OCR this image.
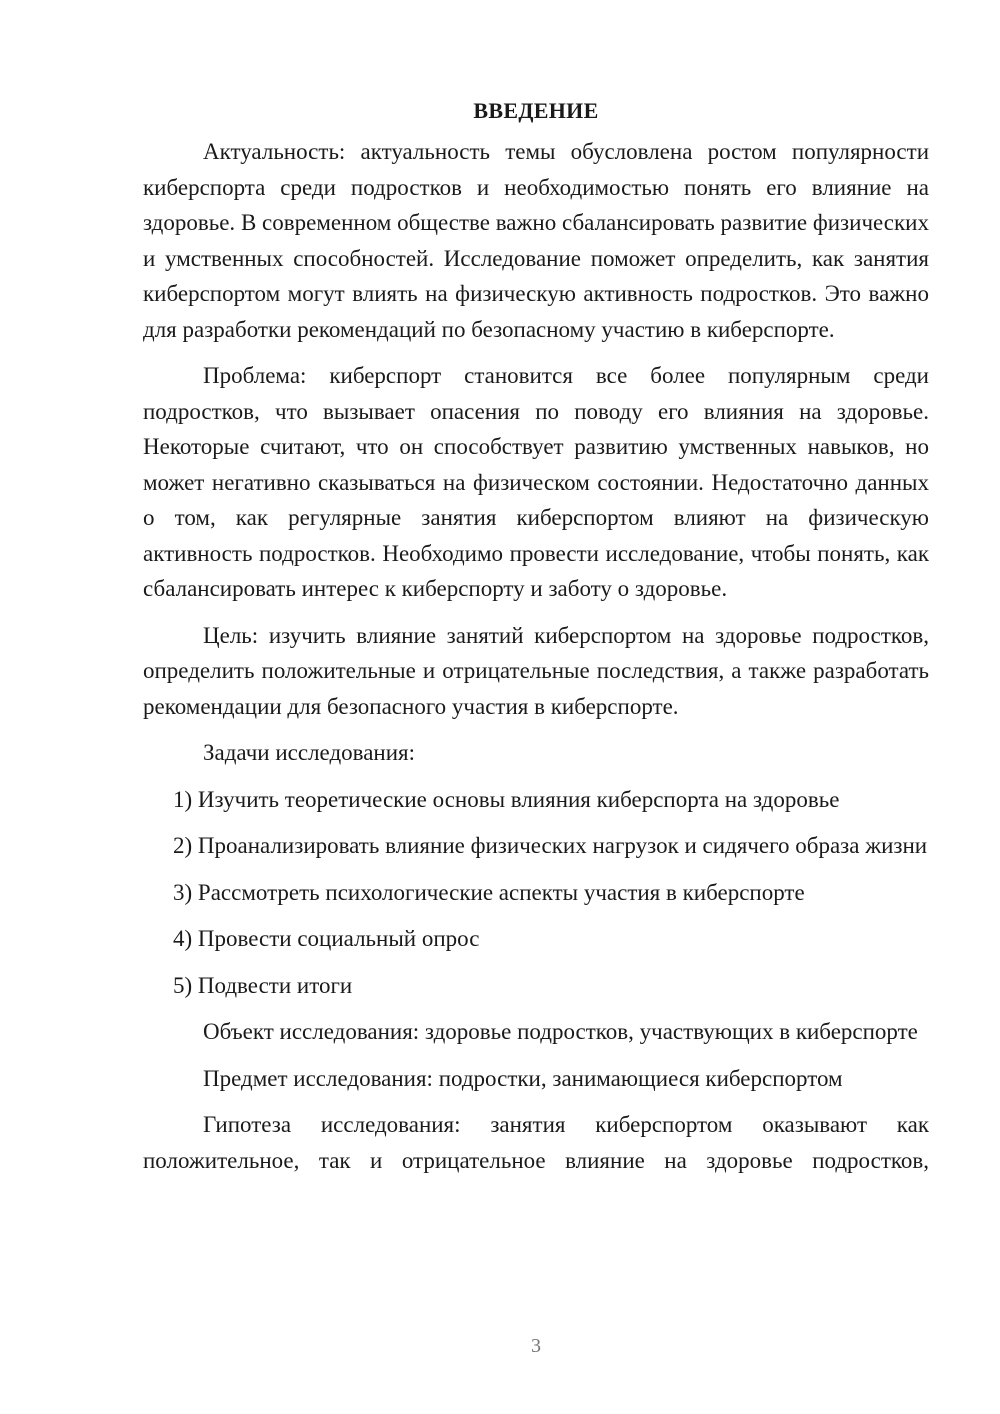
ВВЕДЕНИЕ

Актуальность: актуальность темы обусловлена ростом популярности киберспорта среди подростков и необходимостью понять его влияние на здоровье. В современном обществе важно сбалансировать развитие физических и умственных способностей. Исследование поможет определить, как занятия киберспортом могут влиять на физическую активность подростков. Это важно для разработки рекомендаций по безопасному участию в киберспорте.

Проблема: киберспорт становится все более популярным среди подростков, что вызывает опасения по поводу его влияния на здоровье. Некоторые считают, что он способствует развитию умственных навыков, но может негативно сказываться на физическом состоянии. Недостаточно данных о том, как регулярные занятия киберспортом влияют на физическую активность подростков. Необходимо провести исследование, чтобы понять, как сбалансировать интерес к киберспорту и заботу о здоровье.

Цель: изучить влияние занятий киберспортом на здоровье подростков, определить положительные и отрицательные последствия, а также разработать рекомендации для безопасного участия в киберспорте.

Задачи исследования:

1) Изучить теоретические основы влияния киберспорта на здоровье

2) Проанализировать влияние физических нагрузок и сидячего образа жизни

3) Рассмотреть психологические аспекты участия в киберспорте

4) Провести социальный опрос

5) Подвести итоги

Объект исследования: здоровье подростков, участвующих в киберспорте

Предмет исследования: подростки, занимающиеся киберспортом

Гипотеза исследования: занятия киберспортом оказывают как положительное, так и отрицательное влияние на здоровье подростков,

3
